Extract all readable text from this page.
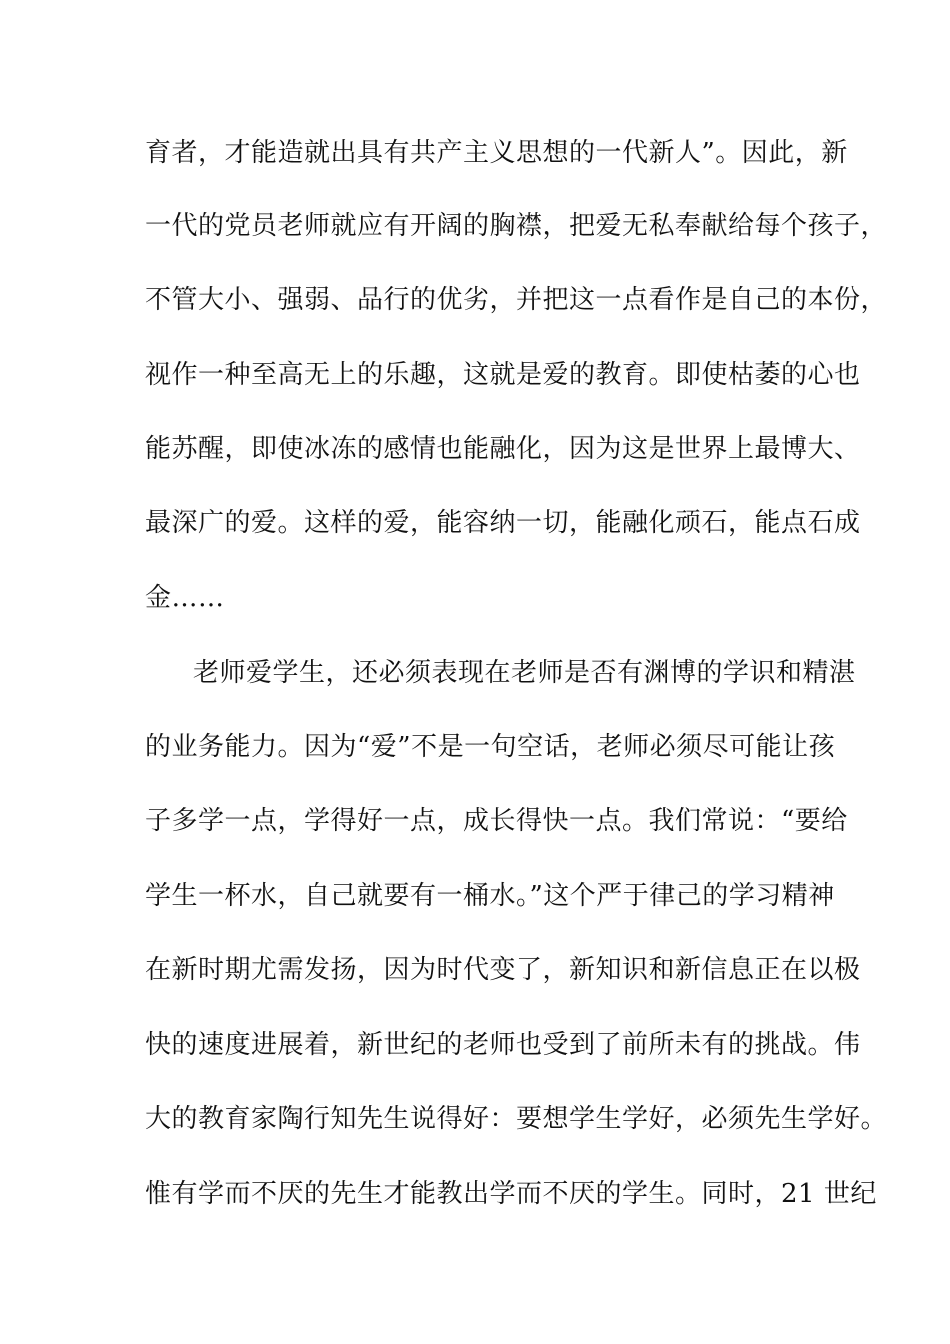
育者，才能造就出具有共产主义思想的一代新人”。因此，新
一代的党员老师就应有开阔的胸襟，把爱无私奉献给每个孩子，
不管大小、强弱、品行的优劣，并把这一点看作是自己的本份，
视作一种至高无上的乐趣，这就是爱的教育。即使枯萎的心也
能苏醒，即使冰冻的感情也能融化，因为这是世界上最博大、
最深广的爱。这样的爱，能容纳一切，能融化顽石，能点石成
金……
老师爱学生，还必须表现在老师是否有渊博的学识和精湛
的业务能力。因为“爱”不是一句空话，老师必须尽可能让孩
子多学一点，学得好一点，成长得快一点。我们常说：“要给
学生一杯水，自己就要有一桶水。”这个严于律己的学习精神
在新时期尤需发扬，因为时代变了，新知识和新信息正在以极
快的速度进展着，新世纪的老师也受到了前所未有的挑战。伟
大的教育家陶行知先生说得好：要想学生学好，必须先生学好。
惟有学而不厌的先生才能教出学而不厌的学生。同时，21 世纪
